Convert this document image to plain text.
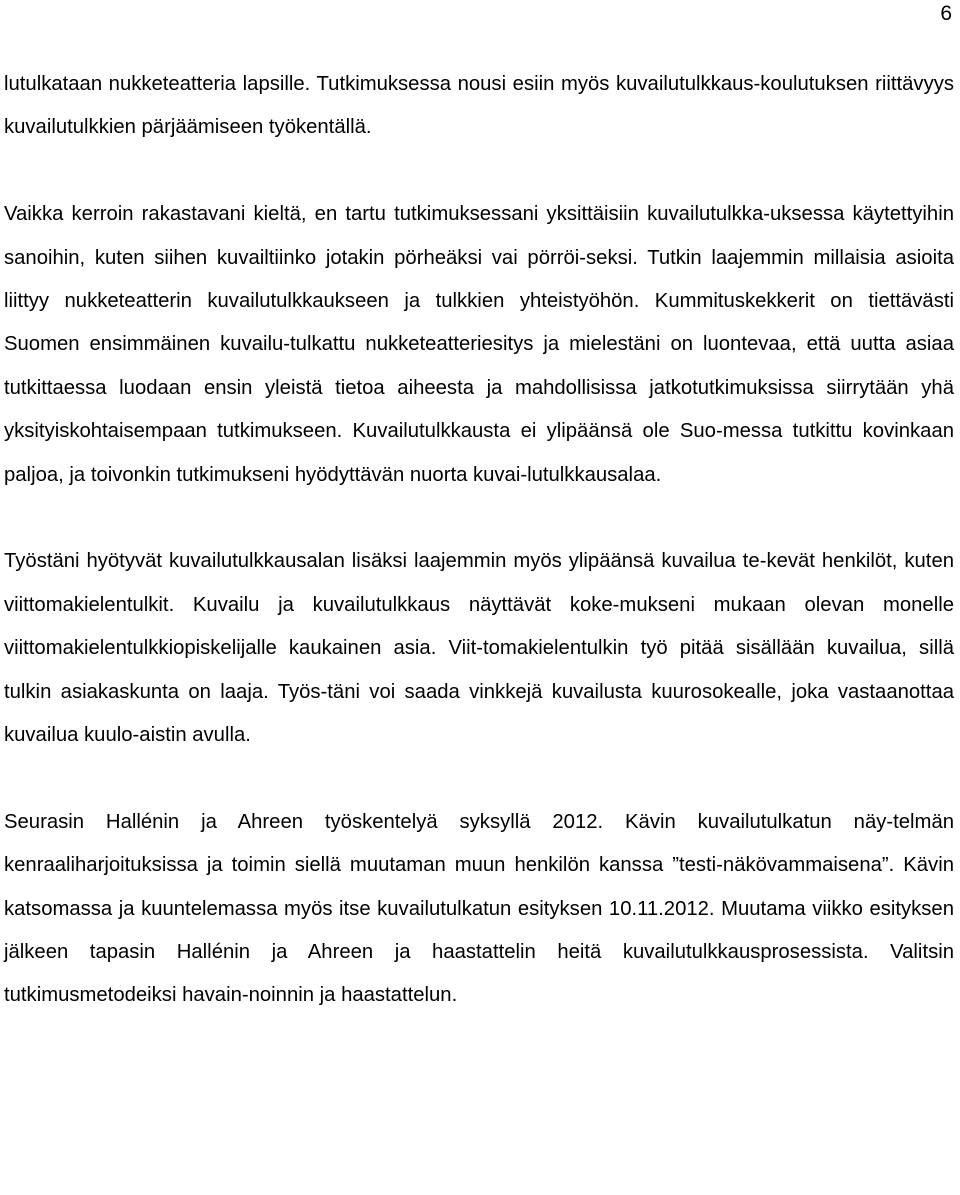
6

lutulkataan nukketeatteria lapsille. Tutkimuksessa nousi esiin myös kuvailutulkkaus-koulutuksen riittävyys kuvailutulkkien pärjäämiseen työkentällä.

Vaikka kerroin rakastavani kieltä, en tartu tutkimuksessani yksittäisiin kuvailutulkka-uksessa käytettyihin sanoihin, kuten siihen kuvailtiinko jotakin pörheäksi vai pörröi-seksi. Tutkin laajemmin millaisia asioita liittyy nukketeatterin kuvailutulkkaukseen ja tulkkien yhteistyöhön. Kummituskekkerit on tiettävästi Suomen ensimmäinen kuvailu-tulkattu nukketeatteriesitys ja mielestäni on luontevaa, että uutta asiaa tutkittaessa luodaan ensin yleistä tietoa aiheesta ja mahdollisissa jatkotutkimuksissa siirrytään yhä yksityiskohtaisempaan tutkimukseen. Kuvailutulkkausta ei ylipäänsä ole Suo-messa tutkittu kovinkaan paljoa, ja toivonkin tutkimukseni hyödyttävän nuorta kuvai-lutulkkausalaa.

Työstäni hyötyvät kuvailutulkkausalan lisäksi laajemmin myös ylipäänsä kuvailua te-kevät henkilöt, kuten viittomakielentulkit. Kuvailu ja kuvailutulkkaus näyttävät koke-mukseni mukaan olevan monelle viittomakielentulkkiopiskelijalle kaukainen asia. Viit-tomakielentulkin työ pitää sisällään kuvailua, sillä tulkin asiakaskunta on laaja. Työs-täni voi saada vinkkejä kuvailusta kuurosokealle, joka vastaanottaa kuvailua kuulo-aistin avulla.

Seurasin Hallénin ja Ahreen työskentelyä syksyllä 2012. Kävin kuvailutulkatun näy-telmän kenraaliharjoituksissa ja toimin siellä muutaman muun henkilön kanssa ”testi-näkövammaisena”. Kävin katsomassa ja kuuntelemassa myös itse kuvailutulkatun esityksen 10.11.2012. Muutama viikko esityksen jälkeen tapasin Hallénin ja Ahreen ja haastattelin heitä kuvailutulkkausprosessista. Valitsin tutkimusmetodeiksi havain-noinnin ja haastattelun.
